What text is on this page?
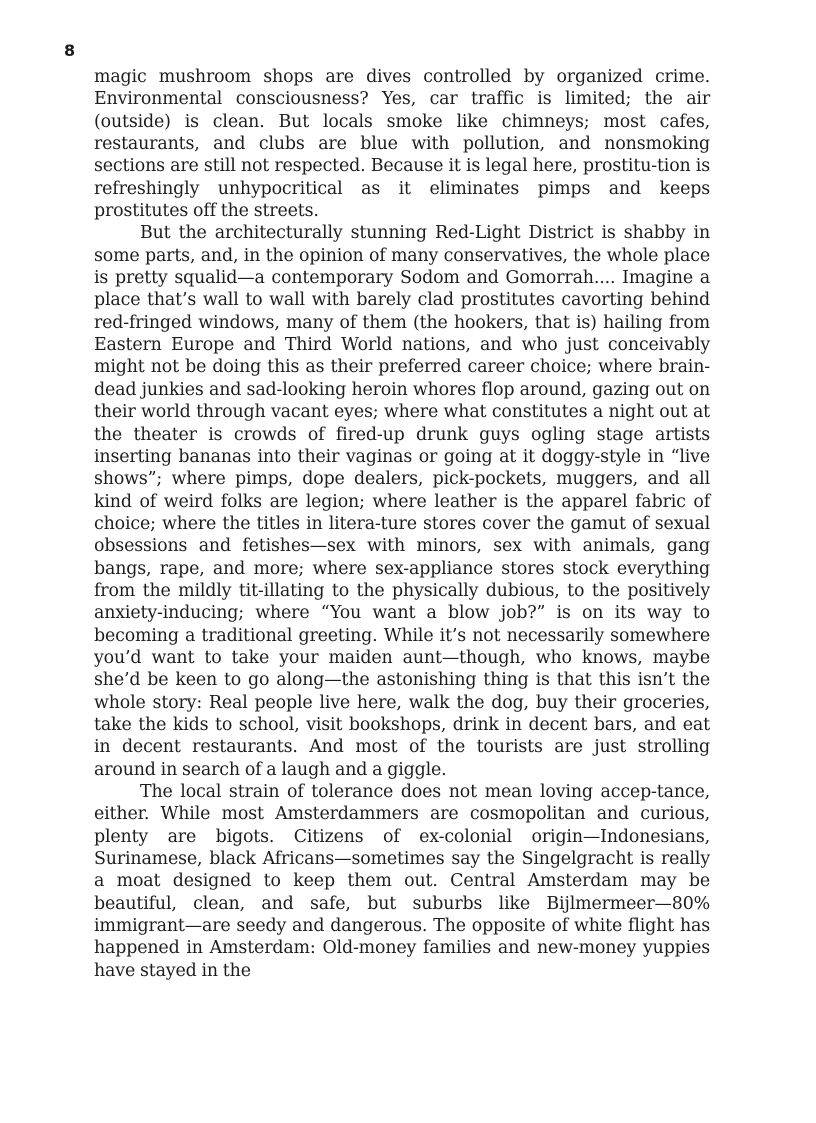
8

magic mushroom shops are dives controlled by organized crime. Environmental consciousness? Yes, car traffic is limited; the air (outside) is clean. But locals smoke like chimneys; most cafes, restaurants, and clubs are blue with pollution, and nonsmoking sections are still not respected. Because it is legal here, prostitu-tion is refreshingly unhypocritical as it eliminates pimps and keeps prostitutes off the streets.

But the architecturally stunning Red-Light District is shabby in some parts, and, in the opinion of many conservatives, the whole place is pretty squalid—a contemporary Sodom and Gomorrah.... Imagine a place that’s wall to wall with barely clad prostitutes cavorting behind red-fringed windows, many of them (the hookers, that is) hailing from Eastern Europe and Third World nations, and who just conceivably might not be doing this as their preferred career choice; where brain-dead junkies and sad-looking heroin whores flop around, gazing out on their world through vacant eyes; where what constitutes a night out at the theater is crowds of fired-up drunk guys ogling stage artists inserting bananas into their vaginas or going at it doggy-style in “live shows”; where pimps, dope dealers, pick-pockets, muggers, and all kind of weird folks are legion; where leather is the apparel fabric of choice; where the titles in litera-ture stores cover the gamut of sexual obsessions and fetishes—sex with minors, sex with animals, gang bangs, rape, and more; where sex-appliance stores stock everything from the mildly tit-illating to the physically dubious, to the positively anxiety-inducing; where “You want a blow job?” is on its way to becoming a traditional greeting. While it’s not necessarily somewhere you’d want to take your maiden aunt—though, who knows, maybe she’d be keen to go along—the astonishing thing is that this isn’t the whole story: Real people live here, walk the dog, buy their groceries, take the kids to school, visit bookshops, drink in decent bars, and eat in decent restaurants. And most of the tourists are just strolling around in search of a laugh and a giggle.

The local strain of tolerance does not mean loving accep-tance, either. While most Amsterdammers are cosmopolitan and curious, plenty are bigots. Citizens of ex-colonial origin—Indonesians, Surinamese, black Africans—sometimes say the Singelgracht is really a moat designed to keep them out. Central Amsterdam may be beautiful, clean, and safe, but suburbs like Bijlmermeer—80% immigrant—are seedy and dangerous. The opposite of white flight has happened in Amsterdam: Old-money families and new-money yuppies have stayed in the
